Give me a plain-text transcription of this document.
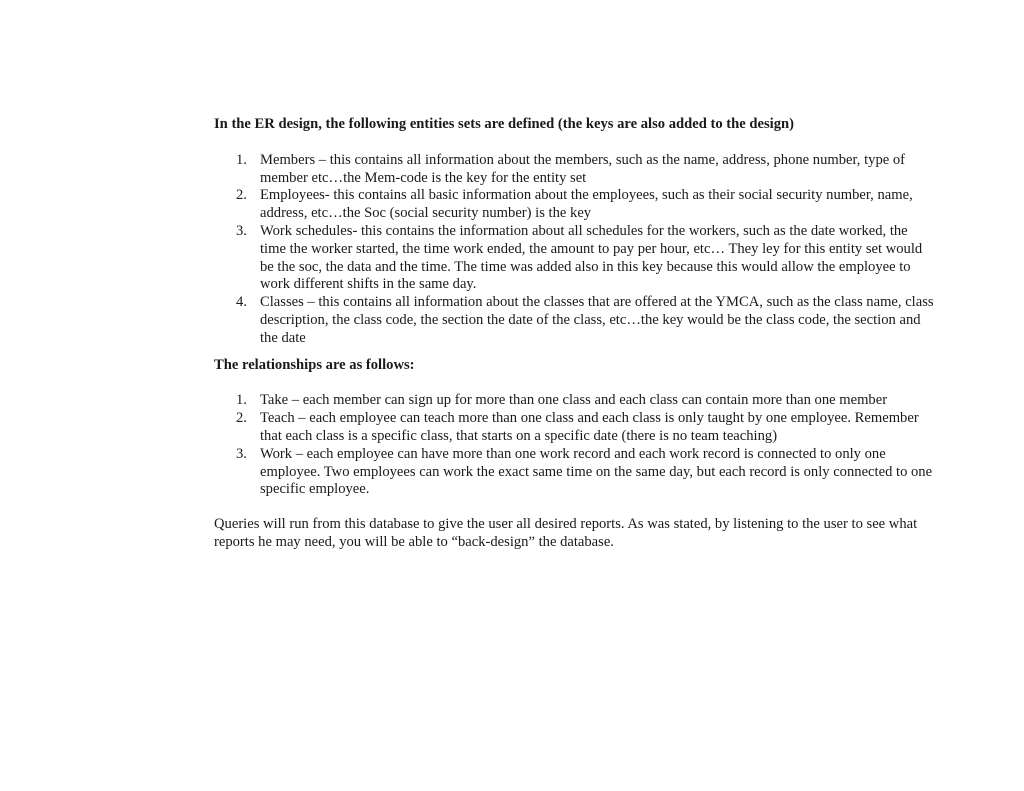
In the ER design, the following entities sets are defined (the keys are also added to the design)

1. Members – this contains all information about the members, such as the name, address, phone number, type of member etc…the Mem-code is the key for the entity set
2. Employees- this contains all basic information about the employees, such as their social security number, name, address, etc…the Soc (social security number) is the key
3. Work schedules- this contains the information about all schedules for the workers, such as the date worked, the time the worker started, the time work ended, the amount to pay per hour, etc… They ley for this entity set would be the soc, the data and the time. The time was added also in this key because this would allow the employee to work different shifts in the same day.
4. Classes – this contains all information about the classes that are offered at the YMCA, such as the class name, class description, the class code, the section the date of the class, etc…the key would be the class code, the section and the date

The relationships are as follows:

1. Take – each member can sign up for more than one class and each class can contain more than one member
2. Teach – each employee can teach more than one class and each class is only taught by one employee. Remember that each class is a specific class, that starts on a specific date (there is no team teaching)
3. Work – each employee can have more than one work record and each work record is connected to only one employee. Two employees can work the exact same time on the same day, but each record is only connected to one specific employee.

Queries will run from this database to give the user all desired reports. As was stated, by listening to the user to see what reports he may need, you will be able to “back-design” the database.
